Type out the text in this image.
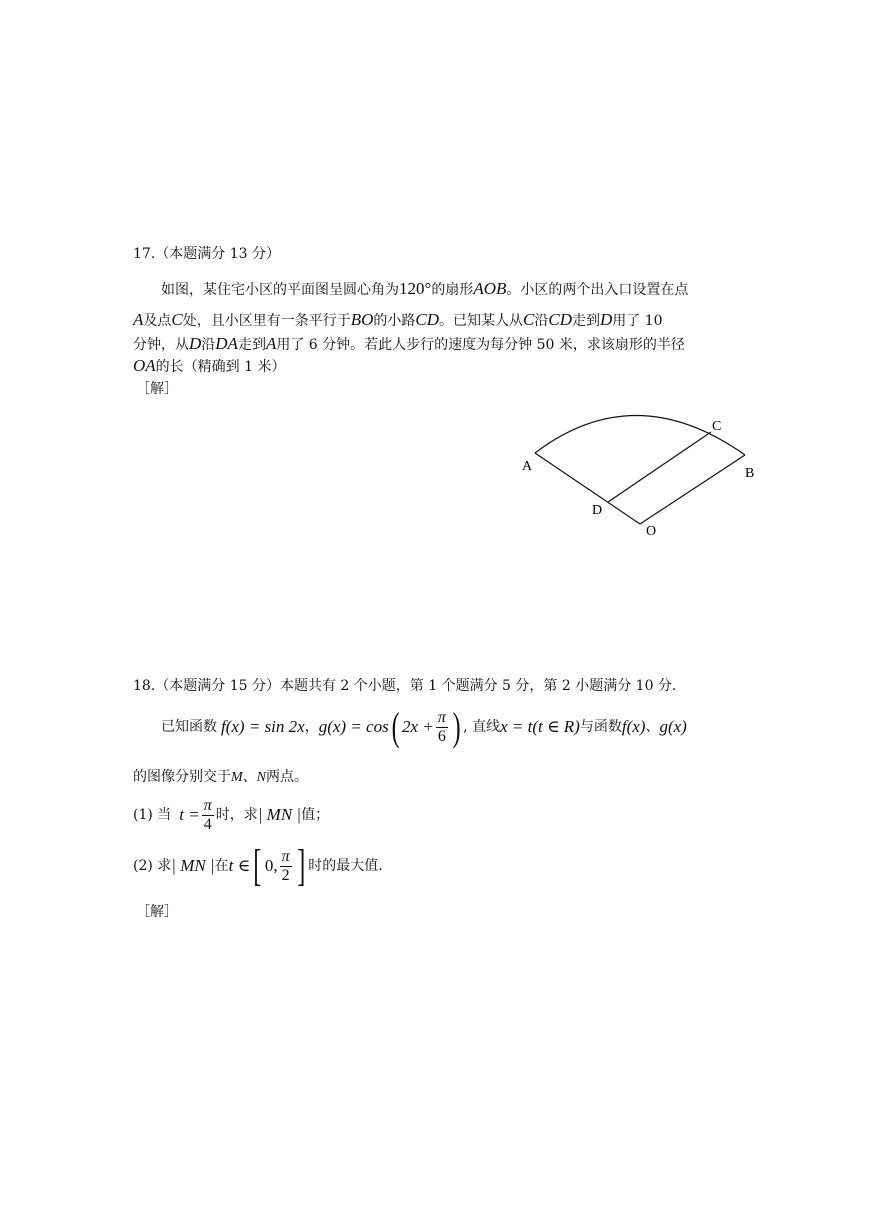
17.（本题满分 13 分）
如图，某住宅小区的平面图呈圆心角为120°的扇形AOB。小区的两个出入口设置在点
A及点C处，且小区里有一条平行于BO的小路CD。已知某人从C沿CD走到D用了 10
分钟，从D沿DA走到A用了 6 分钟。若此人步行的速度为每分钟 50 米，求该扇形的半径
OA的长（精确到 1 米）
［解］
A	B
C
D
O
18.（本题满分 15 分）本题共有 2 个小题，第 1 个题满分 5 分，第 2 小题满分 10 分.
已知函数 f(x) = sin 2x ， g(x) = cos ( $2x + \frac{\pi}{6}$ ) , 直线 x = t(t ∈ R) 与函数 f(x) 、 g(x)
的图像分别交于M、N两点。
(1) 当 $t = \frac{\pi}{4}$ 时，求 | MN | 值；
(2) 求 | MN | 在 t ∈ [ 0, $\frac{\pi}{2}$ ] 时的最大值.
［解］
